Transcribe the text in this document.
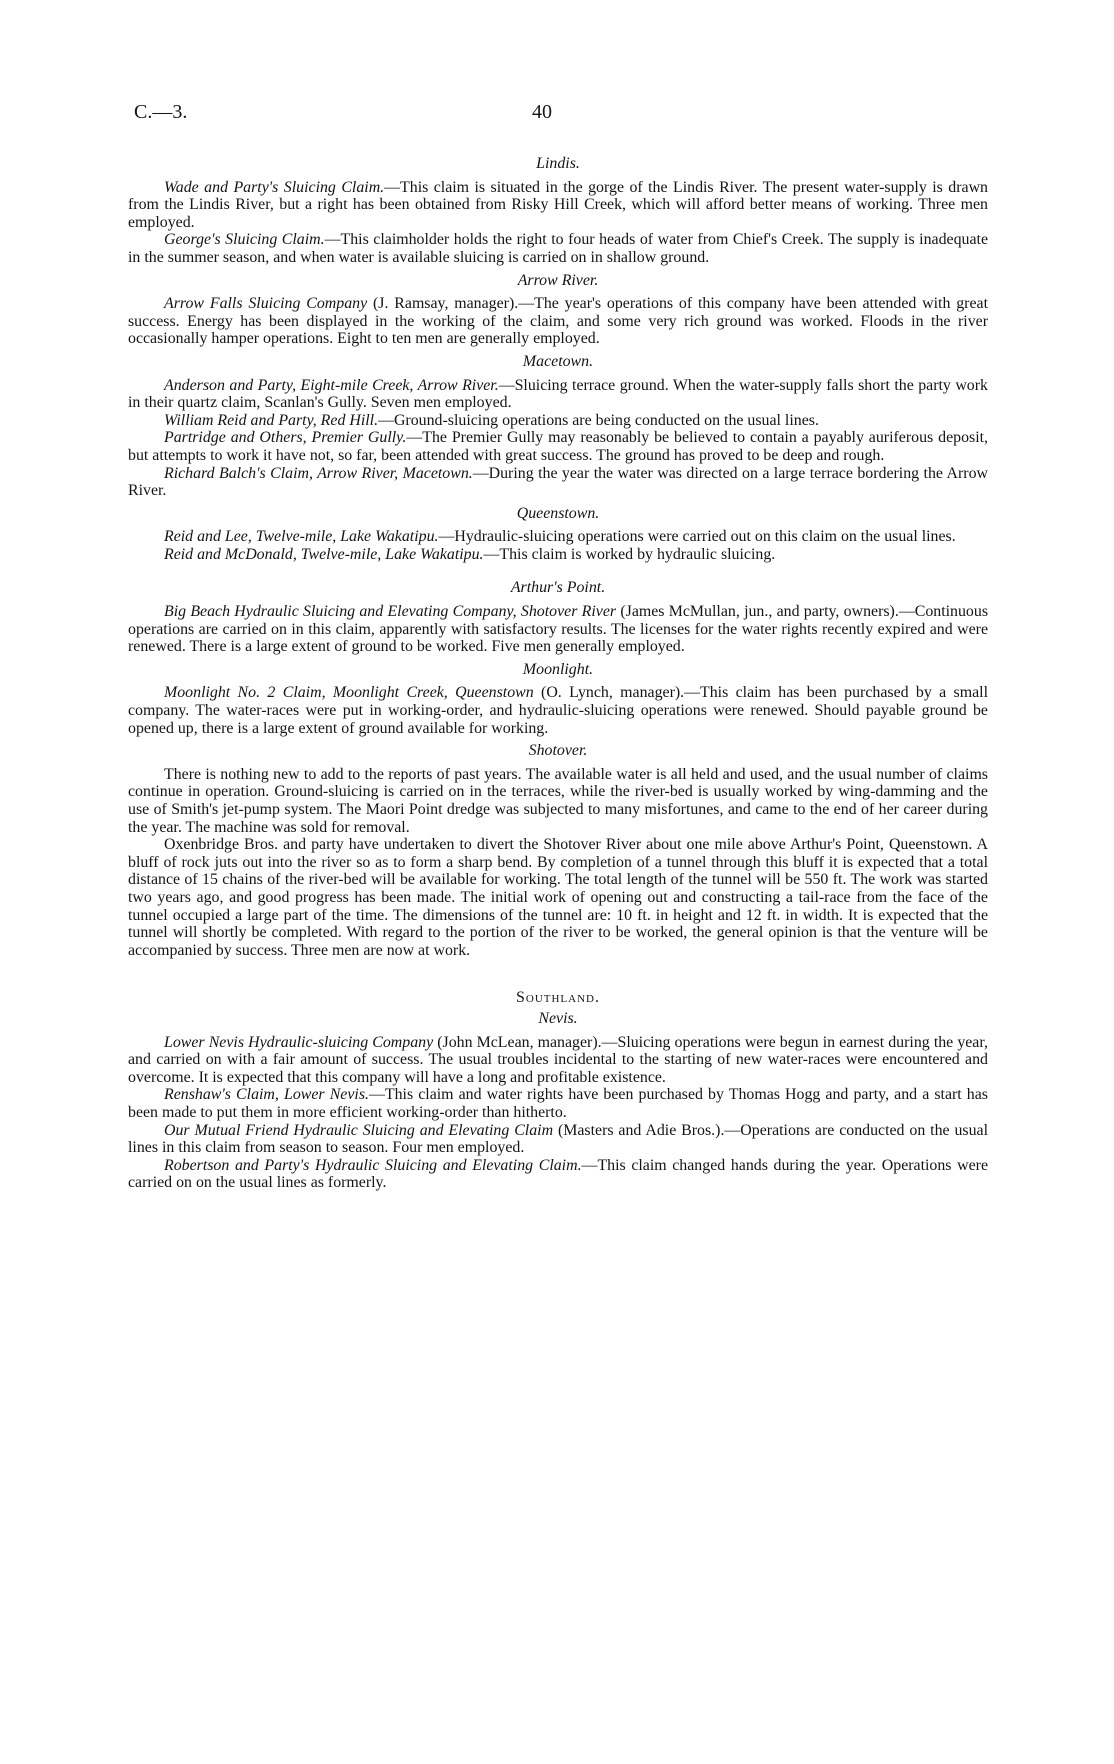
C.—3.	40
Lindis.

Wade and Party's Sluicing Claim.—This claim is situated in the gorge of the Lindis River. The present water-supply is drawn from the Lindis River, but a right has been obtained from Risky Hill Creek, which will afford better means of working. Three men employed.

George's Sluicing Claim.—This claimholder holds the right to four heads of water from Chief's Creek. The supply is inadequate in the summer season, and when water is available sluicing is carried on in shallow ground.

Arrow River.

Arrow Falls Sluicing Company (J. Ramsay, manager).—The year's operations of this company have been attended with great success. Energy has been displayed in the working of the claim, and some very rich ground was worked. Floods in the river occasionally hamper operations. Eight to ten men are generally employed.

Macetown.

Anderson and Party, Eight-mile Creek, Arrow River.—Sluicing terrace ground. When the water-supply falls short the party work in their quartz claim, Scanlan's Gully. Seven men employed.

William Reid and Party, Red Hill.—Ground-sluicing operations are being conducted on the usual lines.

Partridge and Others, Premier Gully.—The Premier Gully may reasonably be believed to contain a payably auriferous deposit, but attempts to work it have not, so far, been attended with great success. The ground has proved to be deep and rough.

Richard Balch's Claim, Arrow River, Macetown.—During the year the water was directed on a large terrace bordering the Arrow River.

Queenstown.

Reid and Lee, Twelve-mile, Lake Wakatipu.—Hydraulic-sluicing operations were carried out on this claim on the usual lines.

Reid and McDonald, Twelve-mile, Lake Wakatipu.—This claim is worked by hydraulic sluicing.

Arthur's Point.

Big Beach Hydraulic Sluicing and Elevating Company, Shotover River (James McMullan, jun., and party, owners).—Continuous operations are carried on in this claim, apparently with satisfactory results. The licenses for the water rights recently expired and were renewed. There is a large extent of ground to be worked. Five men generally employed.

Moonlight.

Moonlight No. 2 Claim, Moonlight Creek, Queenstown (O. Lynch, manager).—This claim has been purchased by a small company. The water-races were put in working-order, and hydraulic-sluicing operations were renewed. Should payable ground be opened up, there is a large extent of ground available for working.

Shotover.

There is nothing new to add to the reports of past years. The available water is all held and used, and the usual number of claims continue in operation. Ground-sluicing is carried on in the terraces, while the river-bed is usually worked by wing-damming and the use of Smith's jet-pump system. The Maori Point dredge was subjected to many misfortunes, and came to the end of her career during the year. The machine was sold for removal.

Oxenbridge Bros. and party have undertaken to divert the Shotover River about one mile above Arthur's Point, Queenstown. A bluff of rock juts out into the river so as to form a sharp bend. By completion of a tunnel through this bluff it is expected that a total distance of 15 chains of the river-bed will be available for working. The total length of the tunnel will be 550 ft. The work was started two years ago, and good progress has been made. The initial work of opening out and constructing a tail-race from the face of the tunnel occupied a large part of the time. The dimensions of the tunnel are: 10 ft. in height and 12 ft. in width. It is expected that the tunnel will shortly be completed. With regard to the portion of the river to be worked, the general opinion is that the venture will be accompanied by success. Three men are now at work.

Southland.
Nevis.

Lower Nevis Hydraulic-sluicing Company (John McLean, manager).—Sluicing operations were begun in earnest during the year, and carried on with a fair amount of success. The usual troubles incidental to the starting of new water-races were encountered and overcome. It is expected that this company will have a long and profitable existence.

Renshaw's Claim, Lower Nevis.—This claim and water rights have been purchased by Thomas Hogg and party, and a start has been made to put them in more efficient working-order than hitherto.

Our Mutual Friend Hydraulic Sluicing and Elevating Claim (Masters and Adie Bros.).—Operations are conducted on the usual lines in this claim from season to season. Four men employed.

Robertson and Party's Hydraulic Sluicing and Elevating Claim.—This claim changed hands during the year. Operations were carried on on the usual lines as formerly.
